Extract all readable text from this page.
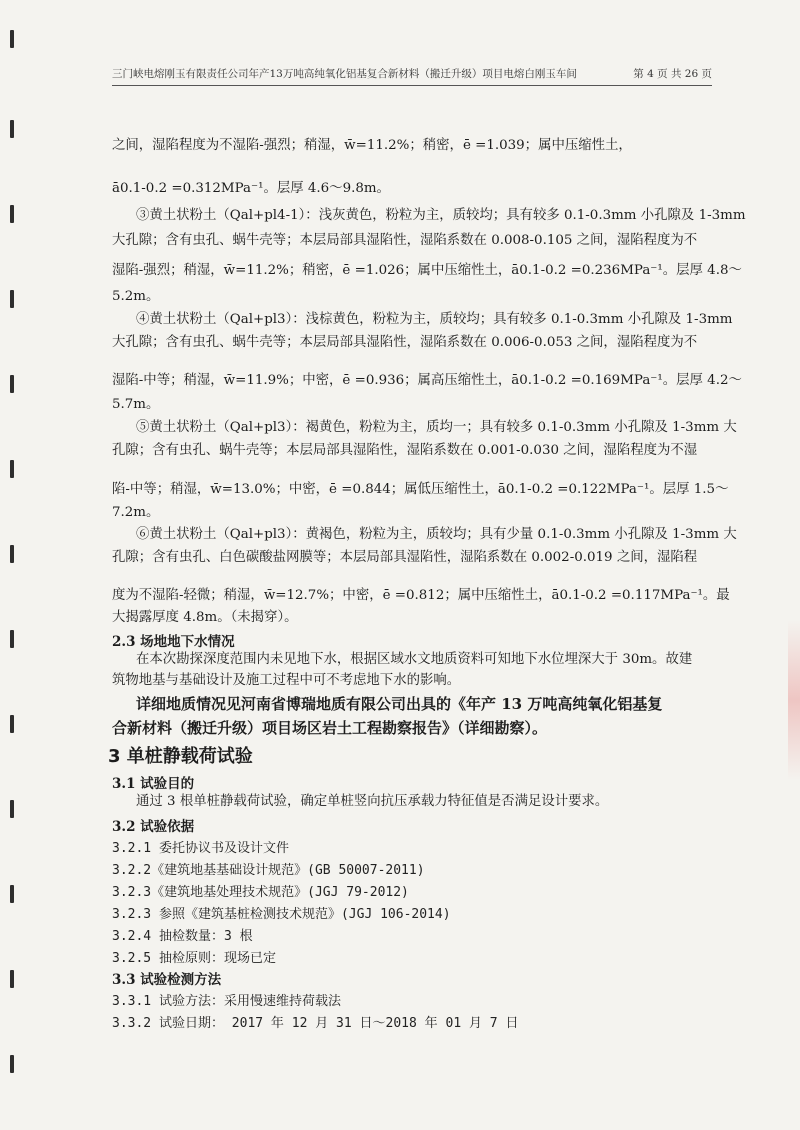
三门峡电熔刚玉有限责任公司年产13万吨高纯氧化铝基复合新材料（搬迁升级）项目电熔白刚玉车间	第 4 页 共 26 页
之间，湿陷程度为不湿陷-强烈；稍湿，w̄=11.2%；稍密，ē =1.039；属中压缩性土，
ā0.1-0.2 =0.312MPa⁻¹。层厚 4.6～9.8m。
③黄土状粉土（Qal+pl4-1）：浅灰黄色，粉粒为主，质较均；具有较多 0.1-0.3mm 小孔隙及 1-3mm
大孔隙；含有虫孔、蜗牛壳等；本层局部具湿陷性，湿陷系数在 0.008-0.105 之间，湿陷程度为不
湿陷-强烈；稍湿，w̄=11.2%；稍密，ē =1.026；属中压缩性土，ā0.1-0.2 =0.236MPa⁻¹。层厚 4.8～
5.2m。
④黄土状粉土（Qal+pl3）：浅棕黄色，粉粒为主，质较均；具有较多 0.1-0.3mm 小孔隙及 1-3mm
大孔隙；含有虫孔、蜗牛壳等；本层局部具湿陷性，湿陷系数在 0.006-0.053 之间，湿陷程度为不
湿陷-中等；稍湿，w̄=11.9%；中密，ē =0.936；属高压缩性土，ā0.1-0.2 =0.169MPa⁻¹。层厚 4.2～
5.7m。
⑤黄土状粉土（Qal+pl3）：褐黄色，粉粒为主，质均一；具有较多 0.1-0.3mm 小孔隙及 1-3mm 大
孔隙；含有虫孔、蜗牛壳等；本层局部具湿陷性，湿陷系数在 0.001-0.030 之间，湿陷程度为不湿
陷-中等；稍湿，w̄=13.0%；中密，ē =0.844；属低压缩性土，ā0.1-0.2 =0.122MPa⁻¹。层厚 1.5～
7.2m。
⑥黄土状粉土（Qal+pl3）：黄褐色，粉粒为主，质较均；具有少量 0.1-0.3mm 小孔隙及 1-3mm 大
孔隙；含有虫孔、白色碳酸盐网膜等；本层局部具湿陷性，湿陷系数在 0.002-0.019 之间，湿陷程
度为不湿陷-轻微；稍湿，w̄=12.7%；中密，ē =0.812；属中压缩性土，ā0.1-0.2 =0.117MPa⁻¹。最
大揭露厚度 4.8m。（未揭穿）。
2.3 场地地下水情况
在本次勘探深度范围内未见地下水，根据区域水文地质资料可知地下水位埋深大于 30m。故建
筑物地基与基础设计及施工过程中可不考虑地下水的影响。
详细地质情况见河南省博瑞地质有限公司出具的《年产 13 万吨高纯氧化铝基复
合新材料（搬迁升级）项目场区岩土工程勘察报告》（详细勘察）。
3 单桩静载荷试验
3.1 试验目的
通过 3 根单桩静载荷试验，确定单桩竖向抗压承载力特征值是否满足设计要求。
3.2 试验依据
3.2.1 委托协议书及设计文件
3.2.2《建筑地基基础设计规范》(GB 50007-2011)
3.2.3《建筑地基处理技术规范》(JGJ 79-2012)
3.2.3 参照《建筑基桩检测技术规范》(JGJ 106-2014)
3.2.4 抽检数量：3 根
3.2.5 抽检原则：现场已定
3.3 试验检测方法
3.3.1 试验方法：采用慢速维持荷载法
3.3.2 试验日期： 2017 年 12 月 31 日～2018 年 01 月 7 日
